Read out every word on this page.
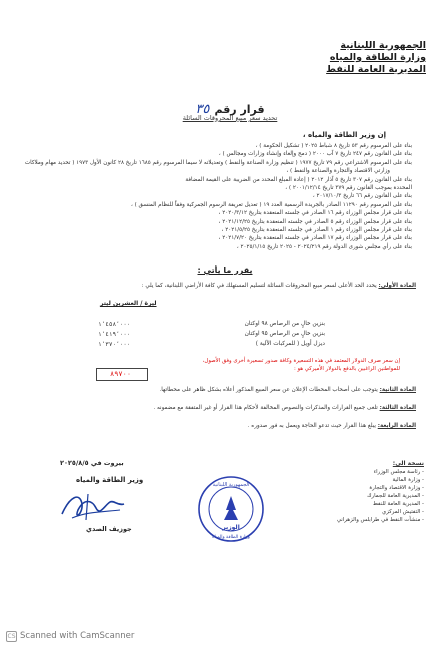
الجمهورية اللبنانية
وزارة الطاقة والمياه
المديرية العامة للنفط
قرار رقم ٣٥
تحديد سعر مبيع المحروقات السائلة
إن وزير الطاقة والمياه ،
بناء على المرسوم رقم ٥٣ تاريخ ٨ شباط ٢٠٢٥ ( تشكيل الحكومة ) ،
بناء على القانون رقم ٢٤٧ تاريخ ٧ آب ٢٠٠٠ ( دمج وإلغاء وإنشاء وزارات ومجالس ) ،
بناء على المرسوم الاشتراعي رقم ٧٩ تاريخ ١٩٧٧ ( تنظيم وزارة الصناعة والنفط ) وتعديلاته لا سيما المرسوم رقم ١٦٨٥ تاريخ ٢٨ كانون الأول ١٩٧٣ ( تحديد مهام وملاكات
وزارتي الاقتصاد والتجارة والصناعة والنفط ) ،
بناء على القانون رقم ٣٠٧ تاريخ ٥ آذار ٢٠١٢ ( إعادة المبلغ المحدد من الضريبة على القيمة المضافة
المحددة بموجب القانون رقم ٣٧٩ تاريخ ٢٠٠١/١٢/١٤ ) ،
بناء على القانون رقم ٦٦ تاريخ ٢٠١٧/١٠/٣ ،
بناء على المرسوم رقم ١١٢٩٠ الصادر بالجريدة الرسمية العدد ١٩ ( تعديل تعريفة الرسوم الجمركية وفقاً للنظام المنسق ) ،
بناء على قرار مجلس الوزراء رقم ١٦ الصادر في جلسته المنعقدة بتاريخ ٢٠٢٠/٣/١٢ ،
بناء على قرار مجلس الوزراء رقم ٥ الصادر في جلسته المنعقدة بتاريخ ٢٠٢١/١٢/٢٥ ،
بناء على قرار مجلس الوزراء رقم ١ الصادر في جلسته المنعقدة بتاريخ ٢٠٢١/٥/٢٥ ،
بناء على قرار مجلس الوزراء رقم ١٧ الصادر في جلسته المنعقدة بتاريخ ٢٠٢١/٧/٢٠ ،
بناء على رأي مجلس شورى الدولة رقم ٢٠٢٤/٢١٩ - ٢٠٢٥ تاريخ ٢٠٢٥/١/١٥ ،
يقرر ما يأتي :
المادة الأولى: يحدد الحد الأعلى لسعر مبيع المحروقات السائلة لتسليم المستهلك في كافة الأراضي اللبنانية، كما يلي :
ليرة / العشرين ليتر
بنزين خالٍ من الرصاص ٩٨ اوكتان
١٬٤٥٨٬٠٠٠
بنزين خالٍ من الرصاص ٩٥ اوكتان
١٬٤١٩٬٠٠٠
ديزل أويل ( للمركبات الآلية )
١٬٣٧٠٬٠٠٠
إن سعر صرف الدولار المعتمد في هذه التسعيرة وكافة صدور تسعيرة أخرى وفق الأصول،
للمواطنين الراغبين بالدفع بالدولار الأميركي هو :
٨٩٧٠٠
المادة الثانية: يتوجب على أصحاب المحطات الإعلان عن سعر المبيع المذكور أعلاه بشكل ظاهر على محطاتها.
المادة الثالثة: تلغى جميع القرارات والمذكرات والنصوص المخالفة لأحكام هذا القرار أو غير المتفقة مع مضمونه .
المادة الرابعة: يبلغ هذا القرار حيث تدعو الحاجة ويعمل به فور صدوره .
بيروت في ٢٠٢٥/٨/٥
وزير الطاقة والمياه
جوزيف الصدي
الجمهورية اللبنانية
الوزير
وزارة الطاقة والمياه
نسخة الى:
- رئاسة مجلس الوزراء
- وزارة المالية
- وزارة الاقتصاد والتجارة
- المديرية العامة للجمارك
- المديرية العامة للنفط
- التفتيش المركزي
- منشآت النفط في طرابلس والزهراني
CS Scanned with CamScanner
